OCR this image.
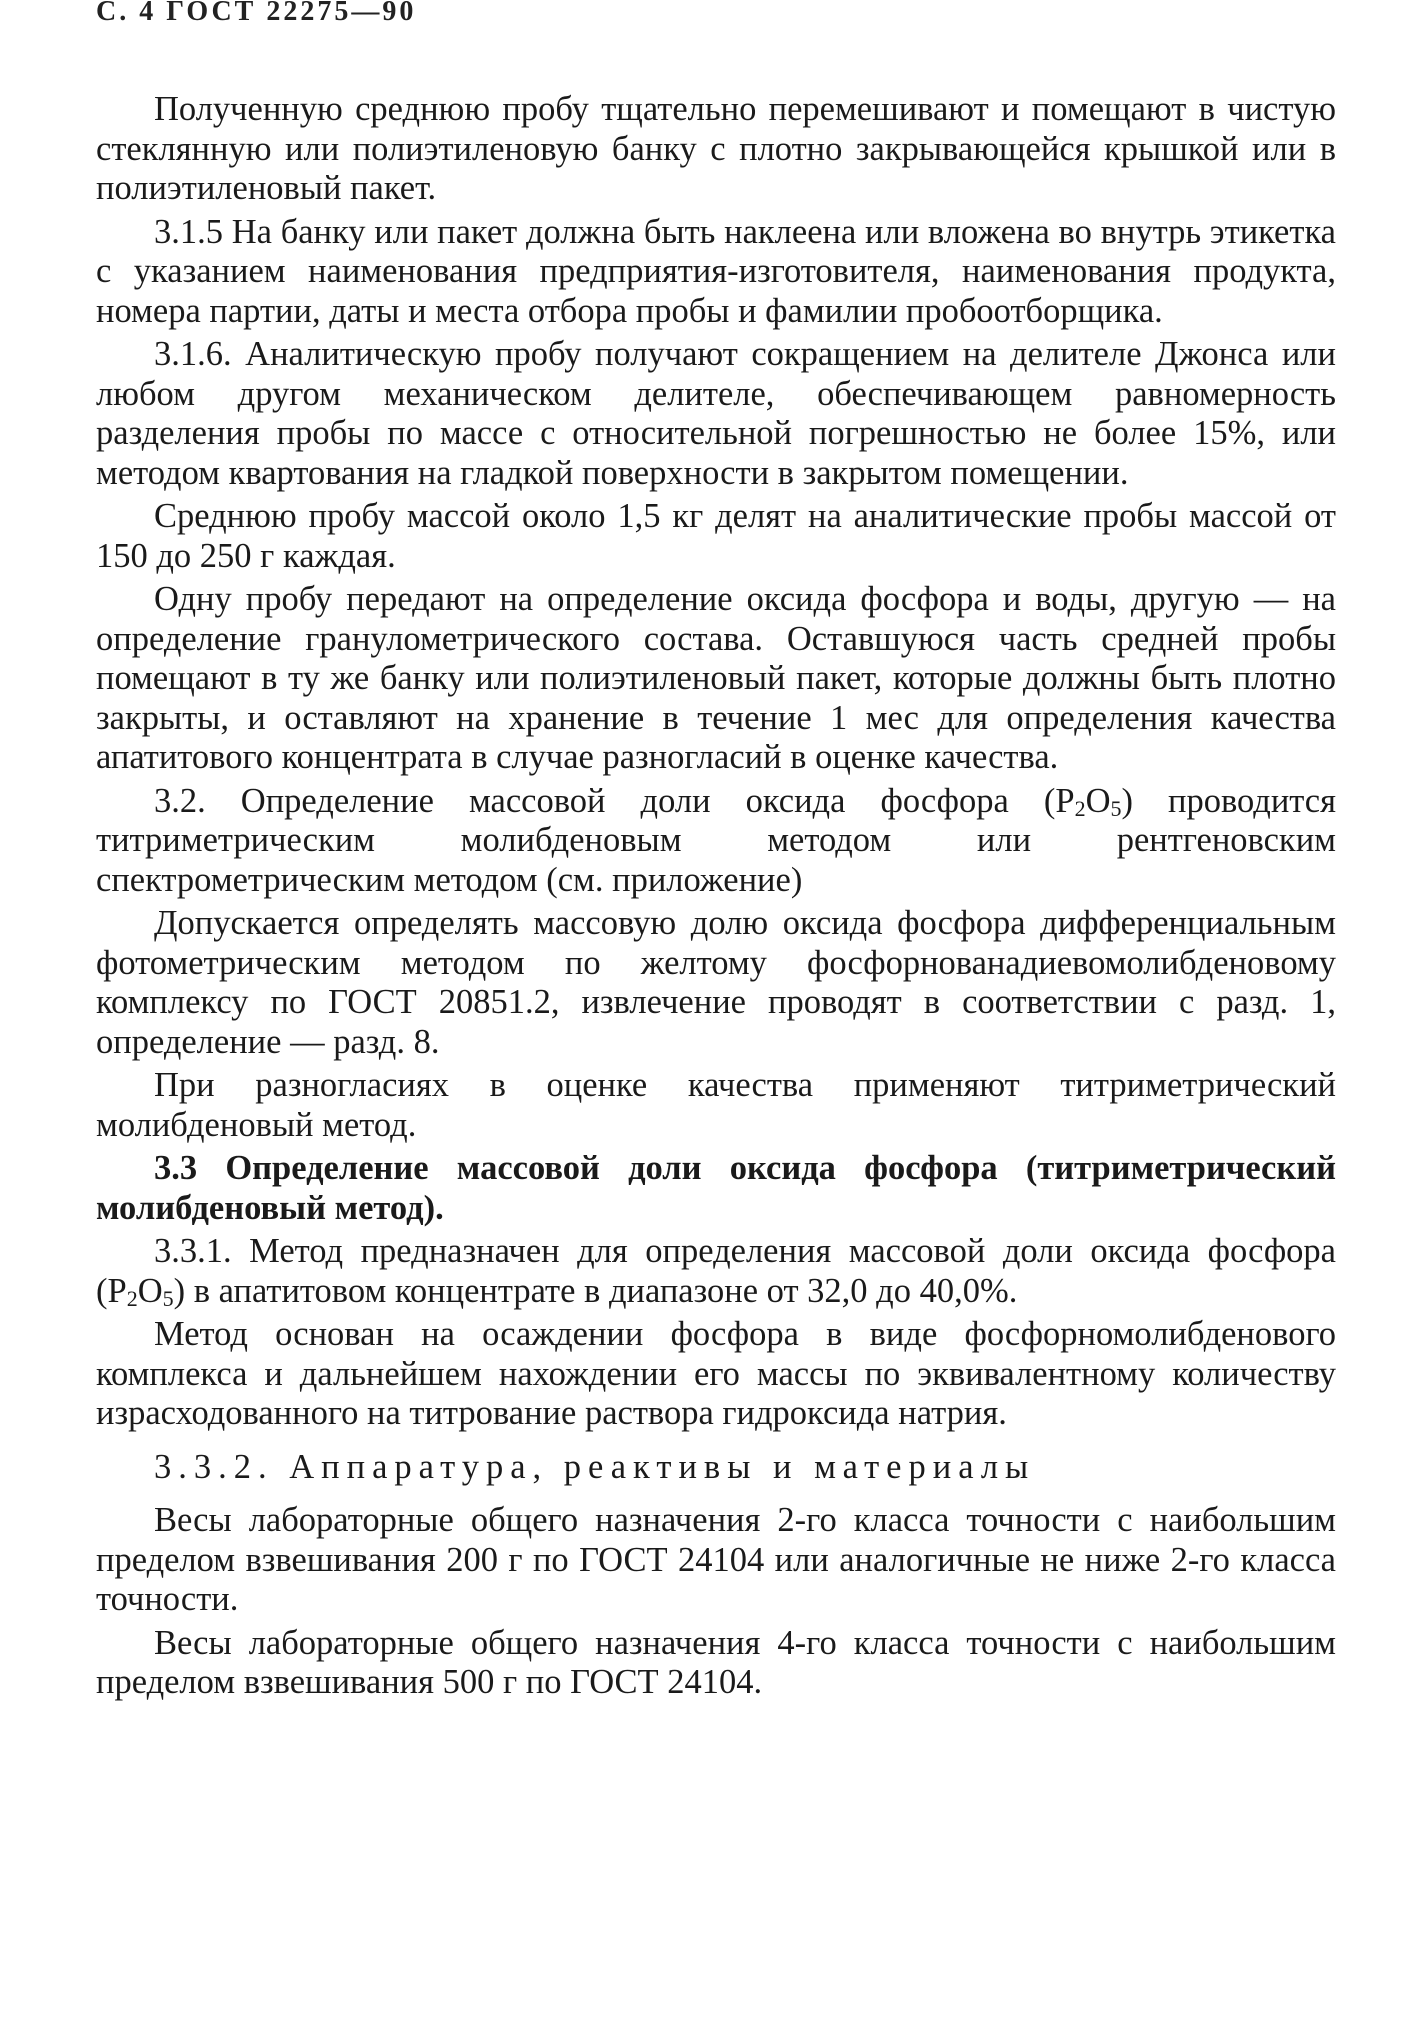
С. 4 ГОСТ 22275—90

Полученную среднюю пробу тщательно перемешивают и помещают в чистую стеклянную или полиэтиленовую банку с плотно закрывающейся крышкой или в полиэтиленовый пакет.

3.1.5 На банку или пакет должна быть наклеена или вложена во внутрь этикетка с указанием наименования предприятия-изготовителя, наименования продукта, номера партии, даты и места отбора пробы и фамилии пробоотборщика.

3.1.6. Аналитическую пробу получают сокращением на делителе Джонса или любом другом механическом делителе, обеспечивающем равномерность разделения пробы по массе с относительной погрешностью не более 15%, или методом квартования на гладкой поверхности в закрытом помещении.

Среднюю пробу массой около 1,5 кг делят на аналитические пробы массой от 150 до 250 г каждая.

Одну пробу передают на определение оксида фосфора и воды, другую — на определение гранулометрического состава. Оставшуюся часть средней пробы помещают в ту же банку или полиэтиленовый пакет, которые должны быть плотно закрыты, и оставляют на хранение в течение 1 мес для определения качества апатитового концентрата в случае разногласий в оценке качества.

3.2. Определение массовой доли оксида фосфора $(P_2O_5)$ проводится титриметрическим молибденовым методом или рентгеновским спектрометрическим методом (см. приложение)

Допускается определять массовую долю оксида фосфора дифференциальным фотометрическим методом по желтому фосфорнованадиевомолибденовому комплексу по ГОСТ 20851.2, извлечение проводят в соответствии с разд. 1, определение — разд. 8.

При разногласиях в оценке качества применяют титриметрический молибденовый метод.

3.3 Определение массовой доли оксида фосфора (титриметрический молибденовый метод).

3.3.1. Метод предназначен для определения массовой доли оксида фосфора $(P_2O_5)$ в апатитовом концентрате в диапазоне от 32,0 до 40,0%.

Метод основан на осаждении фосфора в виде фосфорномолибденового комплекса и дальнейшем нахождении его массы по эквивалентному количеству израсходованного на титрование раствора гидроксида натрия.

3.3.2. Аппаратура, реактивы и материалы

Весы лабораторные общего назначения 2-го класса точности с наибольшим пределом взвешивания 200 г по ГОСТ 24104 или аналогичные не ниже 2-го класса точности.

Весы лабораторные общего назначения 4-го класса точности с наибольшим пределом взвешивания 500 г по ГОСТ 24104.
